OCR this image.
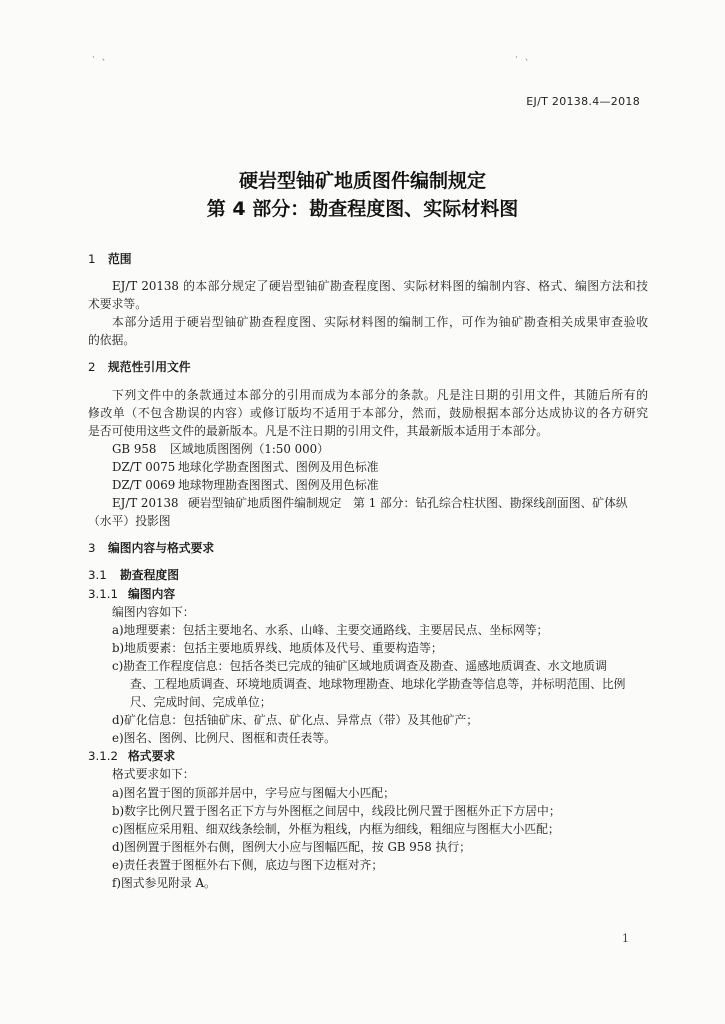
· 、	· 、
EJ/T 20138.4—2018
硬岩型铀矿地质图件编制规定
第 4 部分：勘查程度图、实际材料图
1 范围
EJ/T 20138 的本部分规定了硬岩型铀矿勘查程度图、实际材料图的编制内容、格式、编图方法和技
术要求等。
本部分适用于硬岩型铀矿勘查程度图、实际材料图的编制工作，可作为铀矿勘查相关成果审查验收
的依据。
2 规范性引用文件
下列文件中的条款通过本部分的引用而成为本部分的条款。凡是注日期的引用文件，其随后所有的
修改单（不包含勘误的内容）或修订版均不适用于本部分，然而，鼓励根据本部分达成协议的各方研究
是否可使用这些文件的最新版本。凡是不注日期的引用文件，其最新版本适用于本部分。
GB 958 区域地质图图例（1:50 000）
DZ/T 0075 地球化学勘查图图式、图例及用色标准
DZ/T 0069 地球物理勘查图图式、图例及用色标准
EJ/T 20138 硬岩型铀矿地质图件编制规定　第 1 部分：钻孔综合柱状图、勘探线剖面图、矿体纵
（水平）投影图
3 编图内容与格式要求
3.1 勘查程度图
3.1.1 编图内容
编图内容如下：
a)地理要素：包括主要地名、水系、山峰、主要交通路线、主要居民点、坐标网等；
b)地质要素：包括主要地质界线、地质体及代号、重要构造等；
c)勘查工作程度信息：包括各类已完成的铀矿区域地质调查及勘查、遥感地质调查、水文地质调
查、工程地质调查、环境地质调查、地球物理勘查、地球化学勘查等信息等，并标明范围、比例
尺、完成时间、完成单位；
d)矿化信息：包括铀矿床、矿点、矿化点、异常点（带）及其他矿产；
e)图名、图例、比例尺、图框和责任表等。
3.1.2 格式要求
格式要求如下：
a)图名置于图的顶部并居中，字号应与图幅大小匹配；
b)数字比例尺置于图名正下方与外图框之间居中，线段比例尺置于图框外正下方居中；
c)图框应采用粗、细双线条绘制，外框为粗线，内框为细线，粗细应与图框大小匹配；
d)图例置于图框外右侧，图例大小应与图幅匹配，按 GB 958 执行；
e)责任表置于图框外右下侧，底边与图下边框对齐；
f)图式参见附录 A。
1
